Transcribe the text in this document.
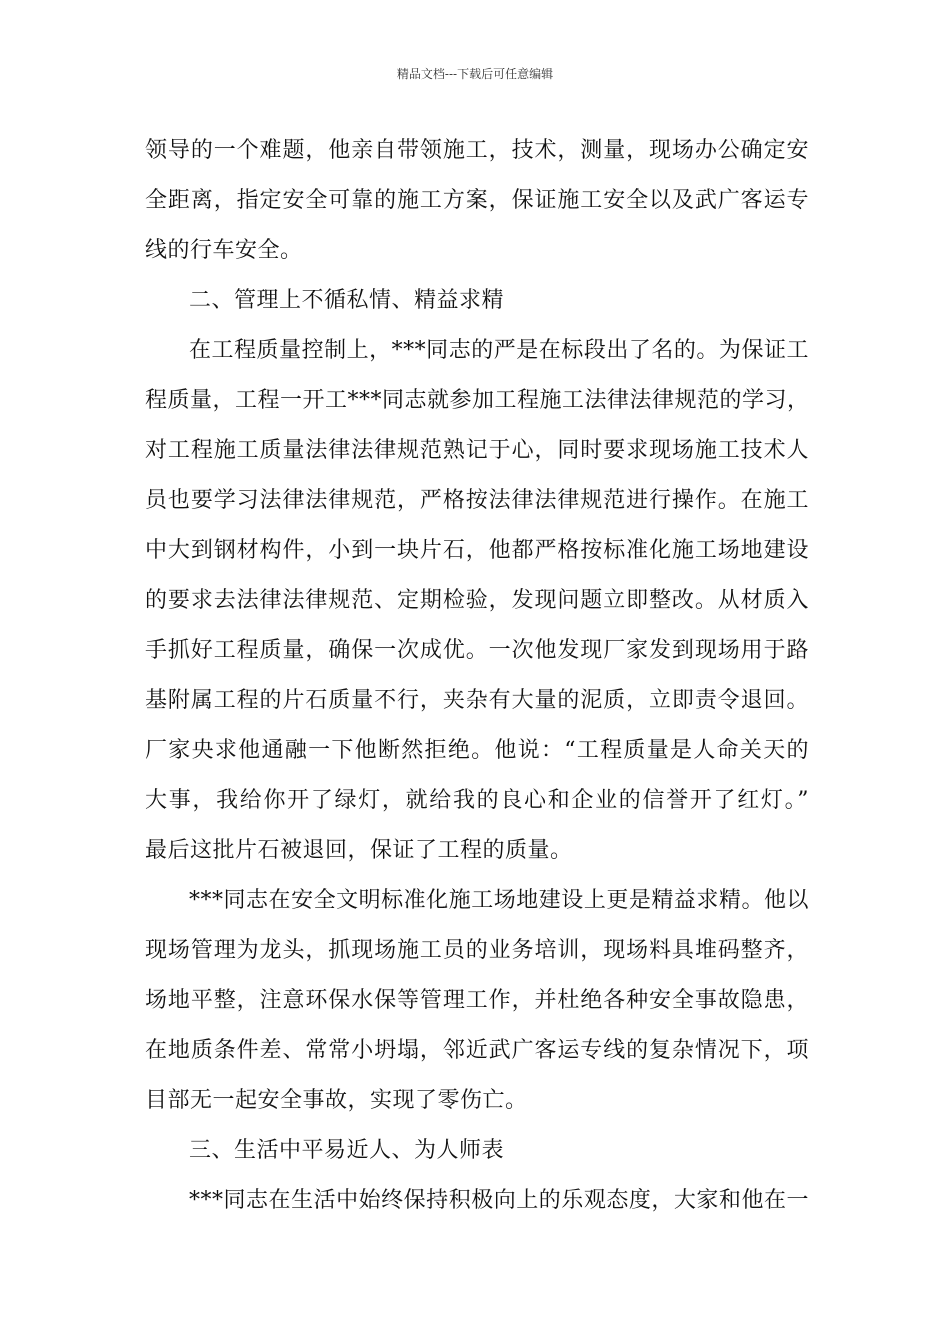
精品文档---下载后可任意编辑
领导的一个难题，他亲自带领施工，技术，测量，现场办公确定安
全距离，指定安全可靠的施工方案，保证施工安全以及武广客运专
线的行车安全。
二、管理上不循私情、精益求精
在工程质量控制上，***同志的严是在标段出了名的。为保证工
程质量，工程一开工***同志就参加工程施工法律法律规范的学习，
对工程施工质量法律法律规范熟记于心，同时要求现场施工技术人
员也要学习法律法律规范，严格按法律法律规范进行操作。在施工
中大到钢材构件，小到一块片石，他都严格按标准化施工场地建设
的要求去法律法律规范、定期检验，发现问题立即整改。从材质入
手抓好工程质量，确保一次成优。一次他发现厂家发到现场用于路
基附属工程的片石质量不行，夹杂有大量的泥质，立即责令退回。
厂家央求他通融一下他断然拒绝。他说：“工程质量是人命关天的
大事，我给你开了绿灯，就给我的良心和企业的信誉开了红灯。”
最后这批片石被退回，保证了工程的质量。
***同志在安全文明标准化施工场地建设上更是精益求精。他以
现场管理为龙头，抓现场施工员的业务培训，现场料具堆码整齐，
场地平整，注意环保水保等管理工作，并杜绝各种安全事故隐患，
在地质条件差、常常小坍塌，邻近武广客运专线的复杂情况下，项
目部无一起安全事故，实现了零伤亡。
三、生活中平易近人、为人师表
***同志在生活中始终保持积极向上的乐观态度，大家和他在一
